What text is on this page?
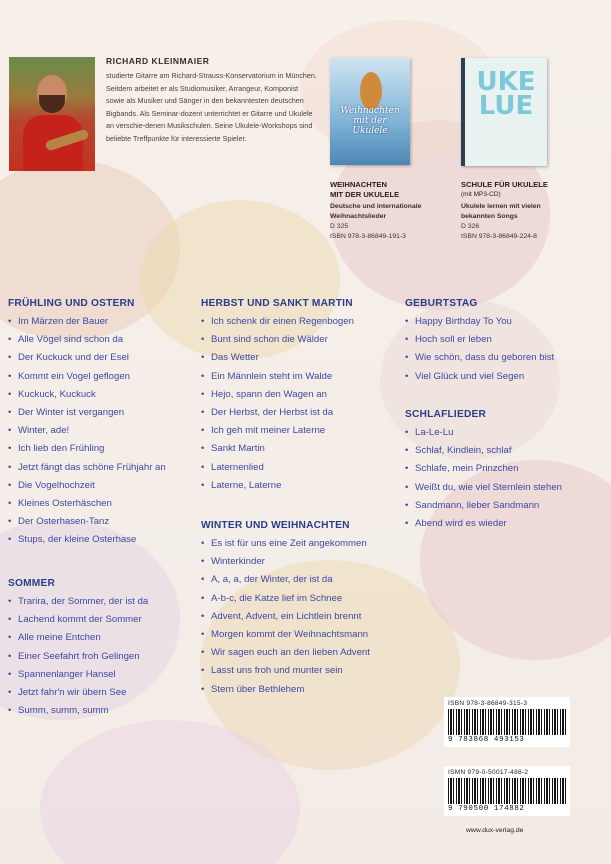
RICHARD KLEINMAIER
studierte Gitarre am Richard-Strauss-Konservatorium in München. Seitdem arbeitet er als Studiomusiker, Arrangeur, Komponist sowie als Musiker und Sänger in den bekanntesten deutschen Bigbands. Als Seminar-dozent unterrichtet er Gitarre und Ukulele an verschie-denen Musikschulen. Seine Ukulele-Workshops sind beliebte Treffpunkte für interessierte Spieler.
Weihnachten mit der Ukulele
WEIHNACHTEN
MIT DER UKULELE
Deutsche und internationale Weihnachtslieder
D 325
ISBN 978-3-86849-191-3
UKE LUE
SCHULE FÜR UKULELE
(mit MP3-CD)
Ukulele lernen mit vielen bekannten Songs
D 326
ISBN 978-3-86849-224-8
FRÜHLING UND OSTERN
• Im Märzen der Bauer
• Alle Vögel sind schon da
• Der Kuckuck und der Esel
• Kommt ein Vogel geflogen
• Kuckuck, Kuckuck
• Der Winter ist vergangen
• Winter, ade!
• Ich lieb den Frühling
• Jetzt fängt das schöne Frühjahr an
• Die Vogelhochzeit
• Kleines Osterhäschen
• Der Osterhasen-Tanz
• Stups, der kleine Osterhase
SOMMER
• Trarira, der Sommer, der ist da
• Lachend kommt der Sommer
• Alle meine Entchen
• Einer Seefahrt froh Gelingen
• Spannenlanger Hansel
• Jetzt fahr'n wir übern See
• Summ, summ, summ
HERBST UND SANKT MARTIN
• Ich schenk dir einen Regenbogen
• Bunt sind schon die Wälder
• Das Wetter
• Ein Männlein steht im Walde
• Hejo, spann den Wagen an
• Der Herbst, der Herbst ist da
• Ich geh mit meiner Laterne
• Sankt Martin
• Laternenlied
• Laterne, Laterne
WINTER UND WEIHNACHTEN
• Es ist für uns eine Zeit angekommen
• Winterkinder
• A, a, a, der Winter, der ist da
• A-b-c, die Katze lief im Schnee
• Advent, Advent, ein Lichtlein brennt
• Morgen kommt der Weihnachtsmann
• Wir sagen euch an den lieben Advent
• Lasst uns froh und munter sein
• Stern über Bethlehem
GEBURTSTAG
• Happy Birthday To You
• Hoch soll er leben
• Wie schön, dass du geboren bist
• Viel Glück und viel Segen
SCHLAFLIEDER
• La-Le-Lu
• Schlaf, Kindlein, schlaf
• Schlafe, mein Prinzchen
• Weißt du, wie viel Sternlein stehen
• Sandmann, lieber Sandmann
• Abend wird es wieder
ISBN 978-3-86849-315-3
9 783868 493153
ISMN 979-0-50017-488-2
9 790500 174882
www.dux-verlag.de
